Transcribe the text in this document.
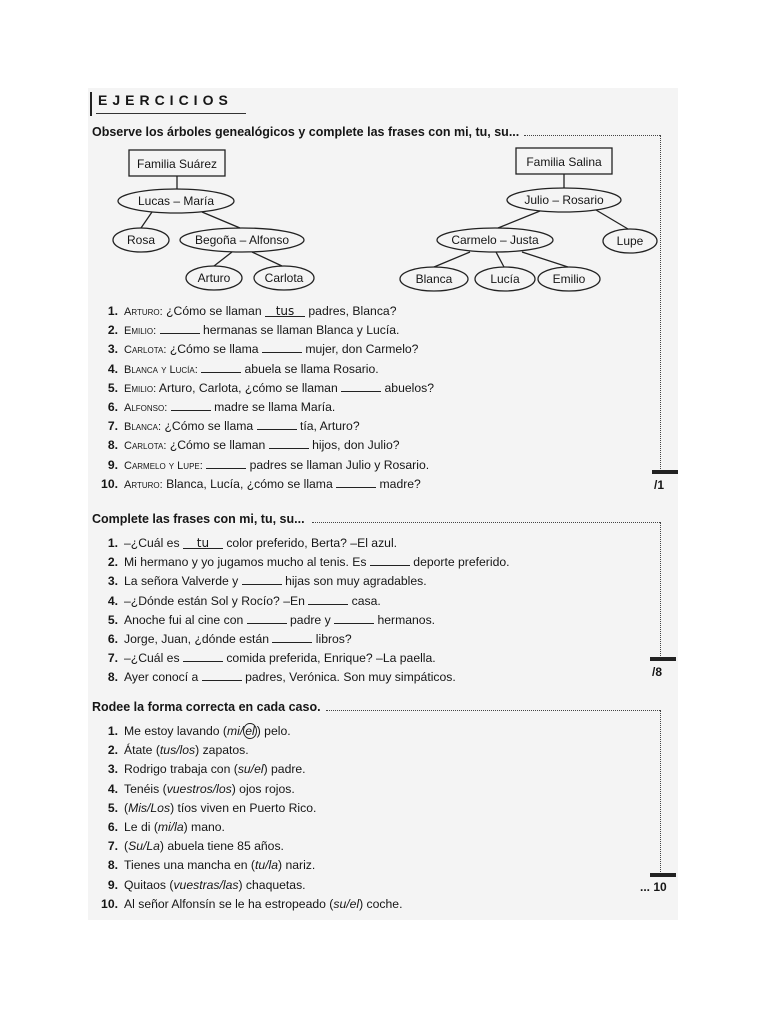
EJERCICIOS
Observe los árboles genealógicos y complete las frases con mi, tu, su...
Familia Suárez
Lucas – María
Rosa	Begoña – Alfonso
Arturo	Carlota
Familia Salina
Julio – Rosario
Carmelo – Justa	Lupe
Blanca	Lucía	Emilio
1. Arturo: ¿Cómo se llaman tus padres, Blanca?
2. Emilio:	hermanas se llaman Blanca y Lucía.
3. Carlota: ¿Cómo se llama	mujer, don Carmelo?
4. Blanca y Lucía:	abuela se llama Rosario.
5. Emilio: Arturo, Carlota, ¿cómo se llaman	abuelos?
6. Alfonso:	madre se llama María.
7. Blanca: ¿Cómo se llama	tía, Arturo?
8. Carlota: ¿Cómo se llaman	hijos, don Julio?
9. Carmelo y Lupe:	padres se llaman Julio y Rosario.
10. Arturo: Blanca, Lucía, ¿cómo se llama	madre?	/1
Complete las frases con mi, tu, su...
1. –¿Cuál es tu color preferido, Berta? –El azul.
2. Mi hermano y yo jugamos mucho al tenis. Es	deporte preferido.
3. La señora Valverde y	hijas son muy agradables.
4. –¿Dónde están Sol y Rocío? –En	casa.
5. Anoche fui al cine con	padre y	hermanos.
6. Jorge, Juan, ¿dónde están	libros?
7. –¿Cuál es	comida preferida, Enrique? –La paella.
8. Ayer conocí a	padres, Verónica. Son muy simpáticos.	/8
Rodee la forma correcta en cada caso.
1. Me estoy lavando (mi/ el ) pelo.
2. Átate (tus/los) zapatos.
3. Rodrigo trabaja con (su/el) padre.
4. Tenéis (vuestros/los) ojos rojos.
5. (Mis/Los) tíos viven en Puerto Rico.
6. Le di (mi/la) mano.
7. (Su/La) abuela tiene 85 años.
8. Tienes una mancha en (tu/la) nariz.
9. Quitaos (vuestras/las) chaquetas.
10. Al señor Alfonsín se le ha estropeado (su/el) coche.
... 10
